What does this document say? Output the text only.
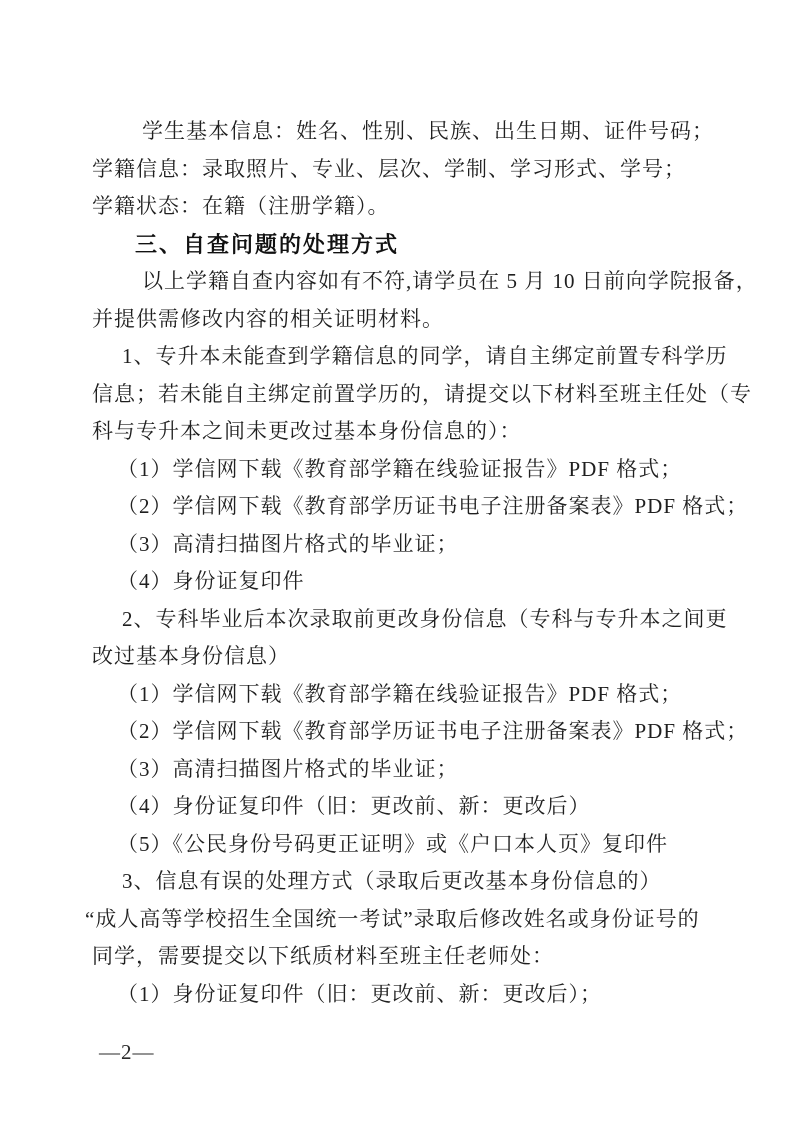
学生基本信息：姓名、性别、民族、出生日期、证件号码；
学籍信息：录取照片、专业、层次、学制、学习形式、学号；
学籍状态：在籍（注册学籍）。
三、自查问题的处理方式
以上学籍自查内容如有不符,请学员在 5 月 10 日前向学院报备，
并提供需修改内容的相关证明材料。
1、专升本未能查到学籍信息的同学，请自主绑定前置专科学历
信息；若未能自主绑定前置学历的，请提交以下材料至班主任处（专
科与专升本之间未更改过基本身份信息的）：
（1）学信网下载《教育部学籍在线验证报告》PDF 格式；
（2）学信网下载《教育部学历证书电子注册备案表》PDF 格式；
（3）高清扫描图片格式的毕业证；
（4）身份证复印件
2、专科毕业后本次录取前更改身份信息（专科与专升本之间更
改过基本身份信息）
（1）学信网下载《教育部学籍在线验证报告》PDF 格式；
（2）学信网下载《教育部学历证书电子注册备案表》PDF 格式；
（3）高清扫描图片格式的毕业证；
（4）身份证复印件（旧：更改前、新：更改后）
（5）《公民身份号码更正证明》或《户口本人页》复印件
3、信息有误的处理方式（录取后更改基本身份信息的）
“成人高等学校招生全国统一考试”录取后修改姓名或身份证号的
同学，需要提交以下纸质材料至班主任老师处：
（1）身份证复印件（旧：更改前、新：更改后）；
—2—
